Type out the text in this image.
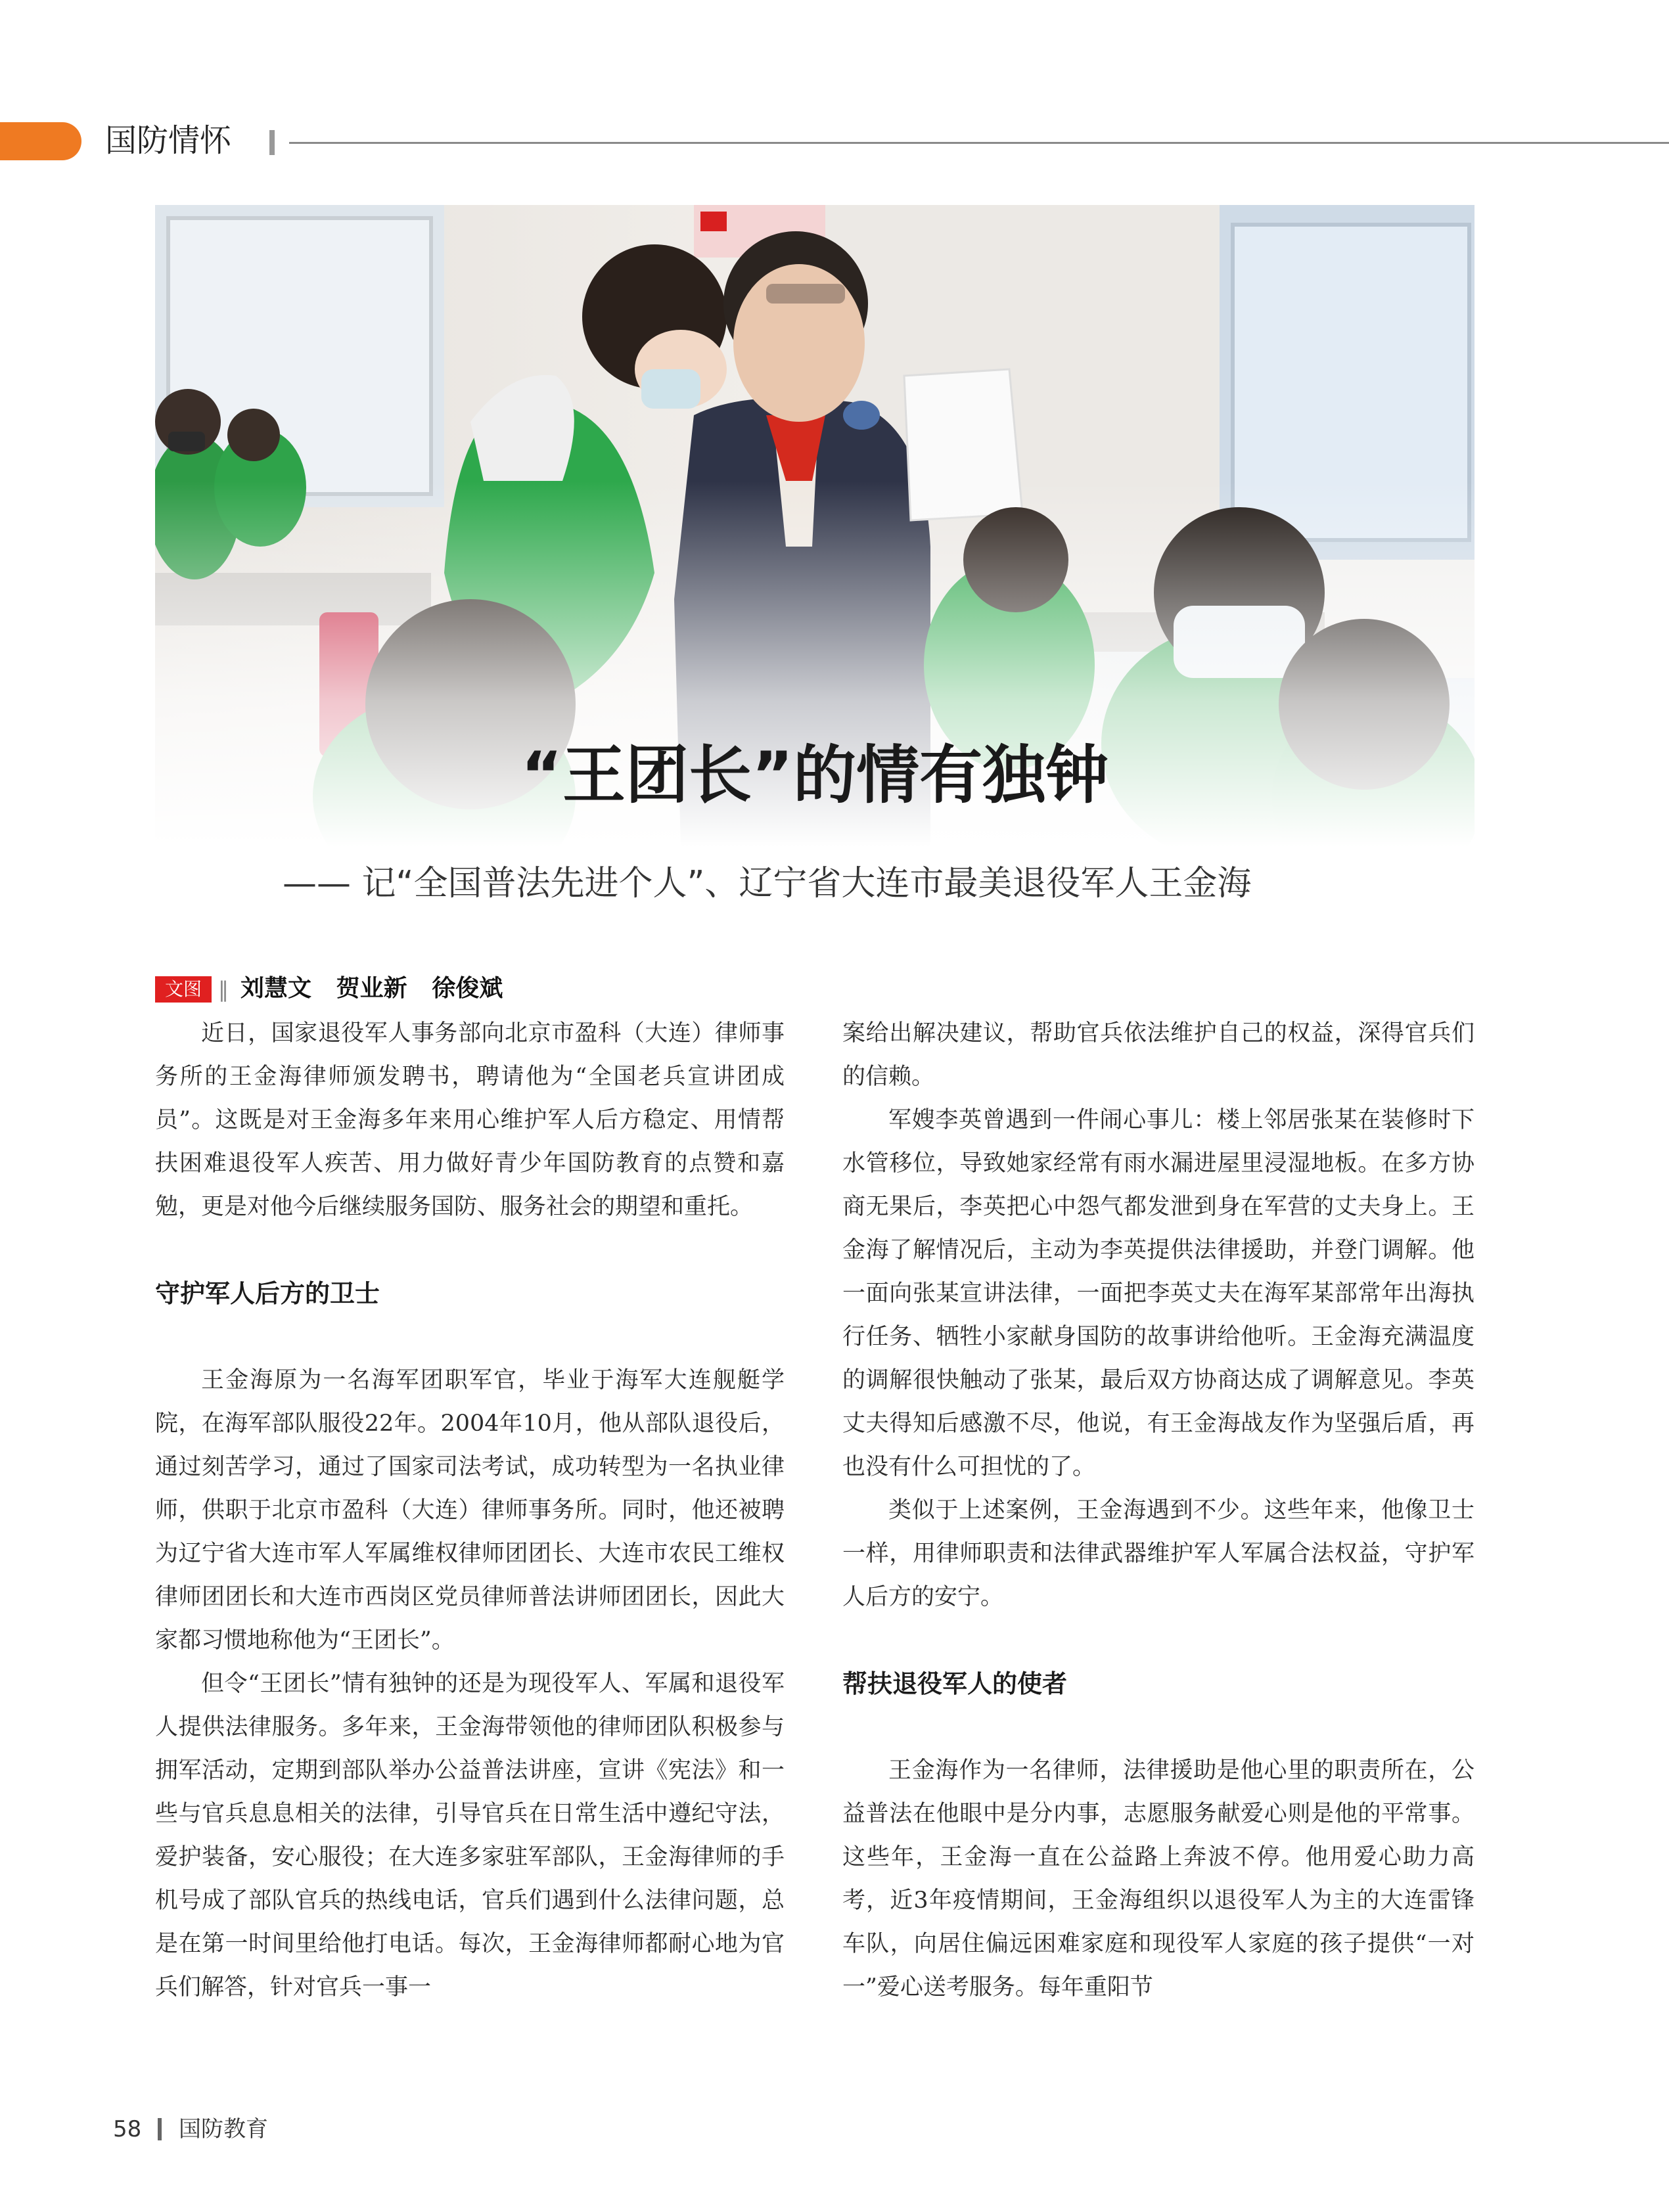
国防情怀
“王团长”的情有独钟
—— 记“全国普法先进个人”、辽宁省大连市最美退役军人王金海
文图 ‖ 刘慧文   贺业新   徐俊斌

近日，国家退役军人事务部向北京市盈科（大连）律师事务所的王金海律师颁发聘书，聘请他为“全国老兵宣讲团成员”。这既是对王金海多年来用心维护军人后方稳定、用情帮扶困难退役军人疾苦、用力做好青少年国防教育的点赞和嘉勉，更是对他今后继续服务国防、服务社会的期望和重托。

守护军人后方的卫士

王金海原为一名海军团职军官，毕业于海军大连舰艇学院，在海军部队服役22年。2004年10月，他从部队退役后，通过刻苦学习，通过了国家司法考试，成功转型为一名执业律师，供职于北京市盈科（大连）律师事务所。同时，他还被聘为辽宁省大连市军人军属维权律师团团长、大连市农民工维权律师团团长和大连市西岗区党员律师普法讲师团团长，因此大家都习惯地称他为“王团长”。

但令“王团长”情有独钟的还是为现役军人、军属和退役军人提供法律服务。多年来，王金海带领他的律师团队积极参与拥军活动，定期到部队举办公益普法讲座，宣讲《宪法》和一些与官兵息息相关的法律，引导官兵在日常生活中遵纪守法，爱护装备，安心服役；在大连多家驻军部队，王金海律师的手机号成了部队官兵的热线电话，官兵们遇到什么法律问题，总是在第一时间里给他打电话。每次，王金海律师都耐心地为官兵们解答，针对官兵一事一

案给出解决建议，帮助官兵依法维护自己的权益，深得官兵们的信赖。

军嫂李英曾遇到一件闹心事儿：楼上邻居张某在装修时下水管移位，导致她家经常有雨水漏进屋里浸湿地板。在多方协商无果后，李英把心中怨气都发泄到身在军营的丈夫身上。王金海了解情况后，主动为李英提供法律援助，并登门调解。他一面向张某宣讲法律，一面把李英丈夫在海军某部常年出海执行任务、牺牲小家献身国防的故事讲给他听。王金海充满温度的调解很快触动了张某，最后双方协商达成了调解意见。李英丈夫得知后感激不尽，他说，有王金海战友作为坚强后盾，再也没有什么可担忧的了。

类似于上述案例，王金海遇到不少。这些年来，他像卫士一样，用律师职责和法律武器维护军人军属合法权益，守护军人后方的安宁。

帮扶退役军人的使者

王金海作为一名律师，法律援助是他心里的职责所在，公益普法在他眼中是分内事，志愿服务献爱心则是他的平常事。这些年，王金海一直在公益路上奔波不停。他用爱心助力高考，近3年疫情期间，王金海组织以退役军人为主的大连雷锋车队，向居住偏远困难家庭和现役军人家庭的孩子提供“一对一”爱心送考服务。每年重阳节

58 国防教育
